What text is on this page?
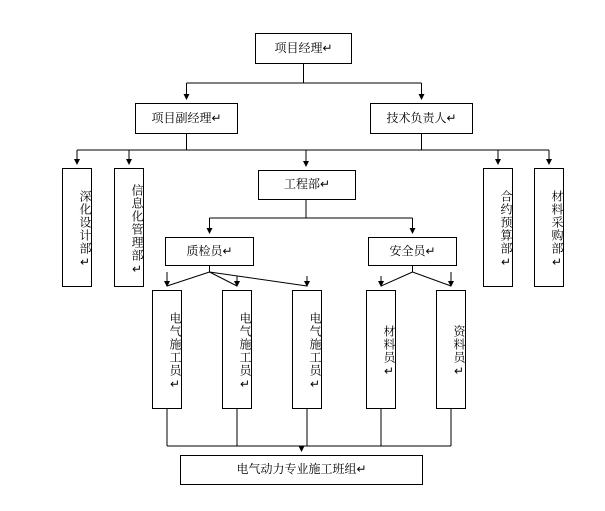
项目经理↵
项目副经理↵	技术负责人↵
深化设计部↵	信息化管理部↵	工程部↵
合约预算部↵	材料采购部↵
质检员↵	安全员↵
电气施工员↵	电气施工员↵	电气施工员↵	材料员↵	资料员↵
电气动力专业施工班组↵
